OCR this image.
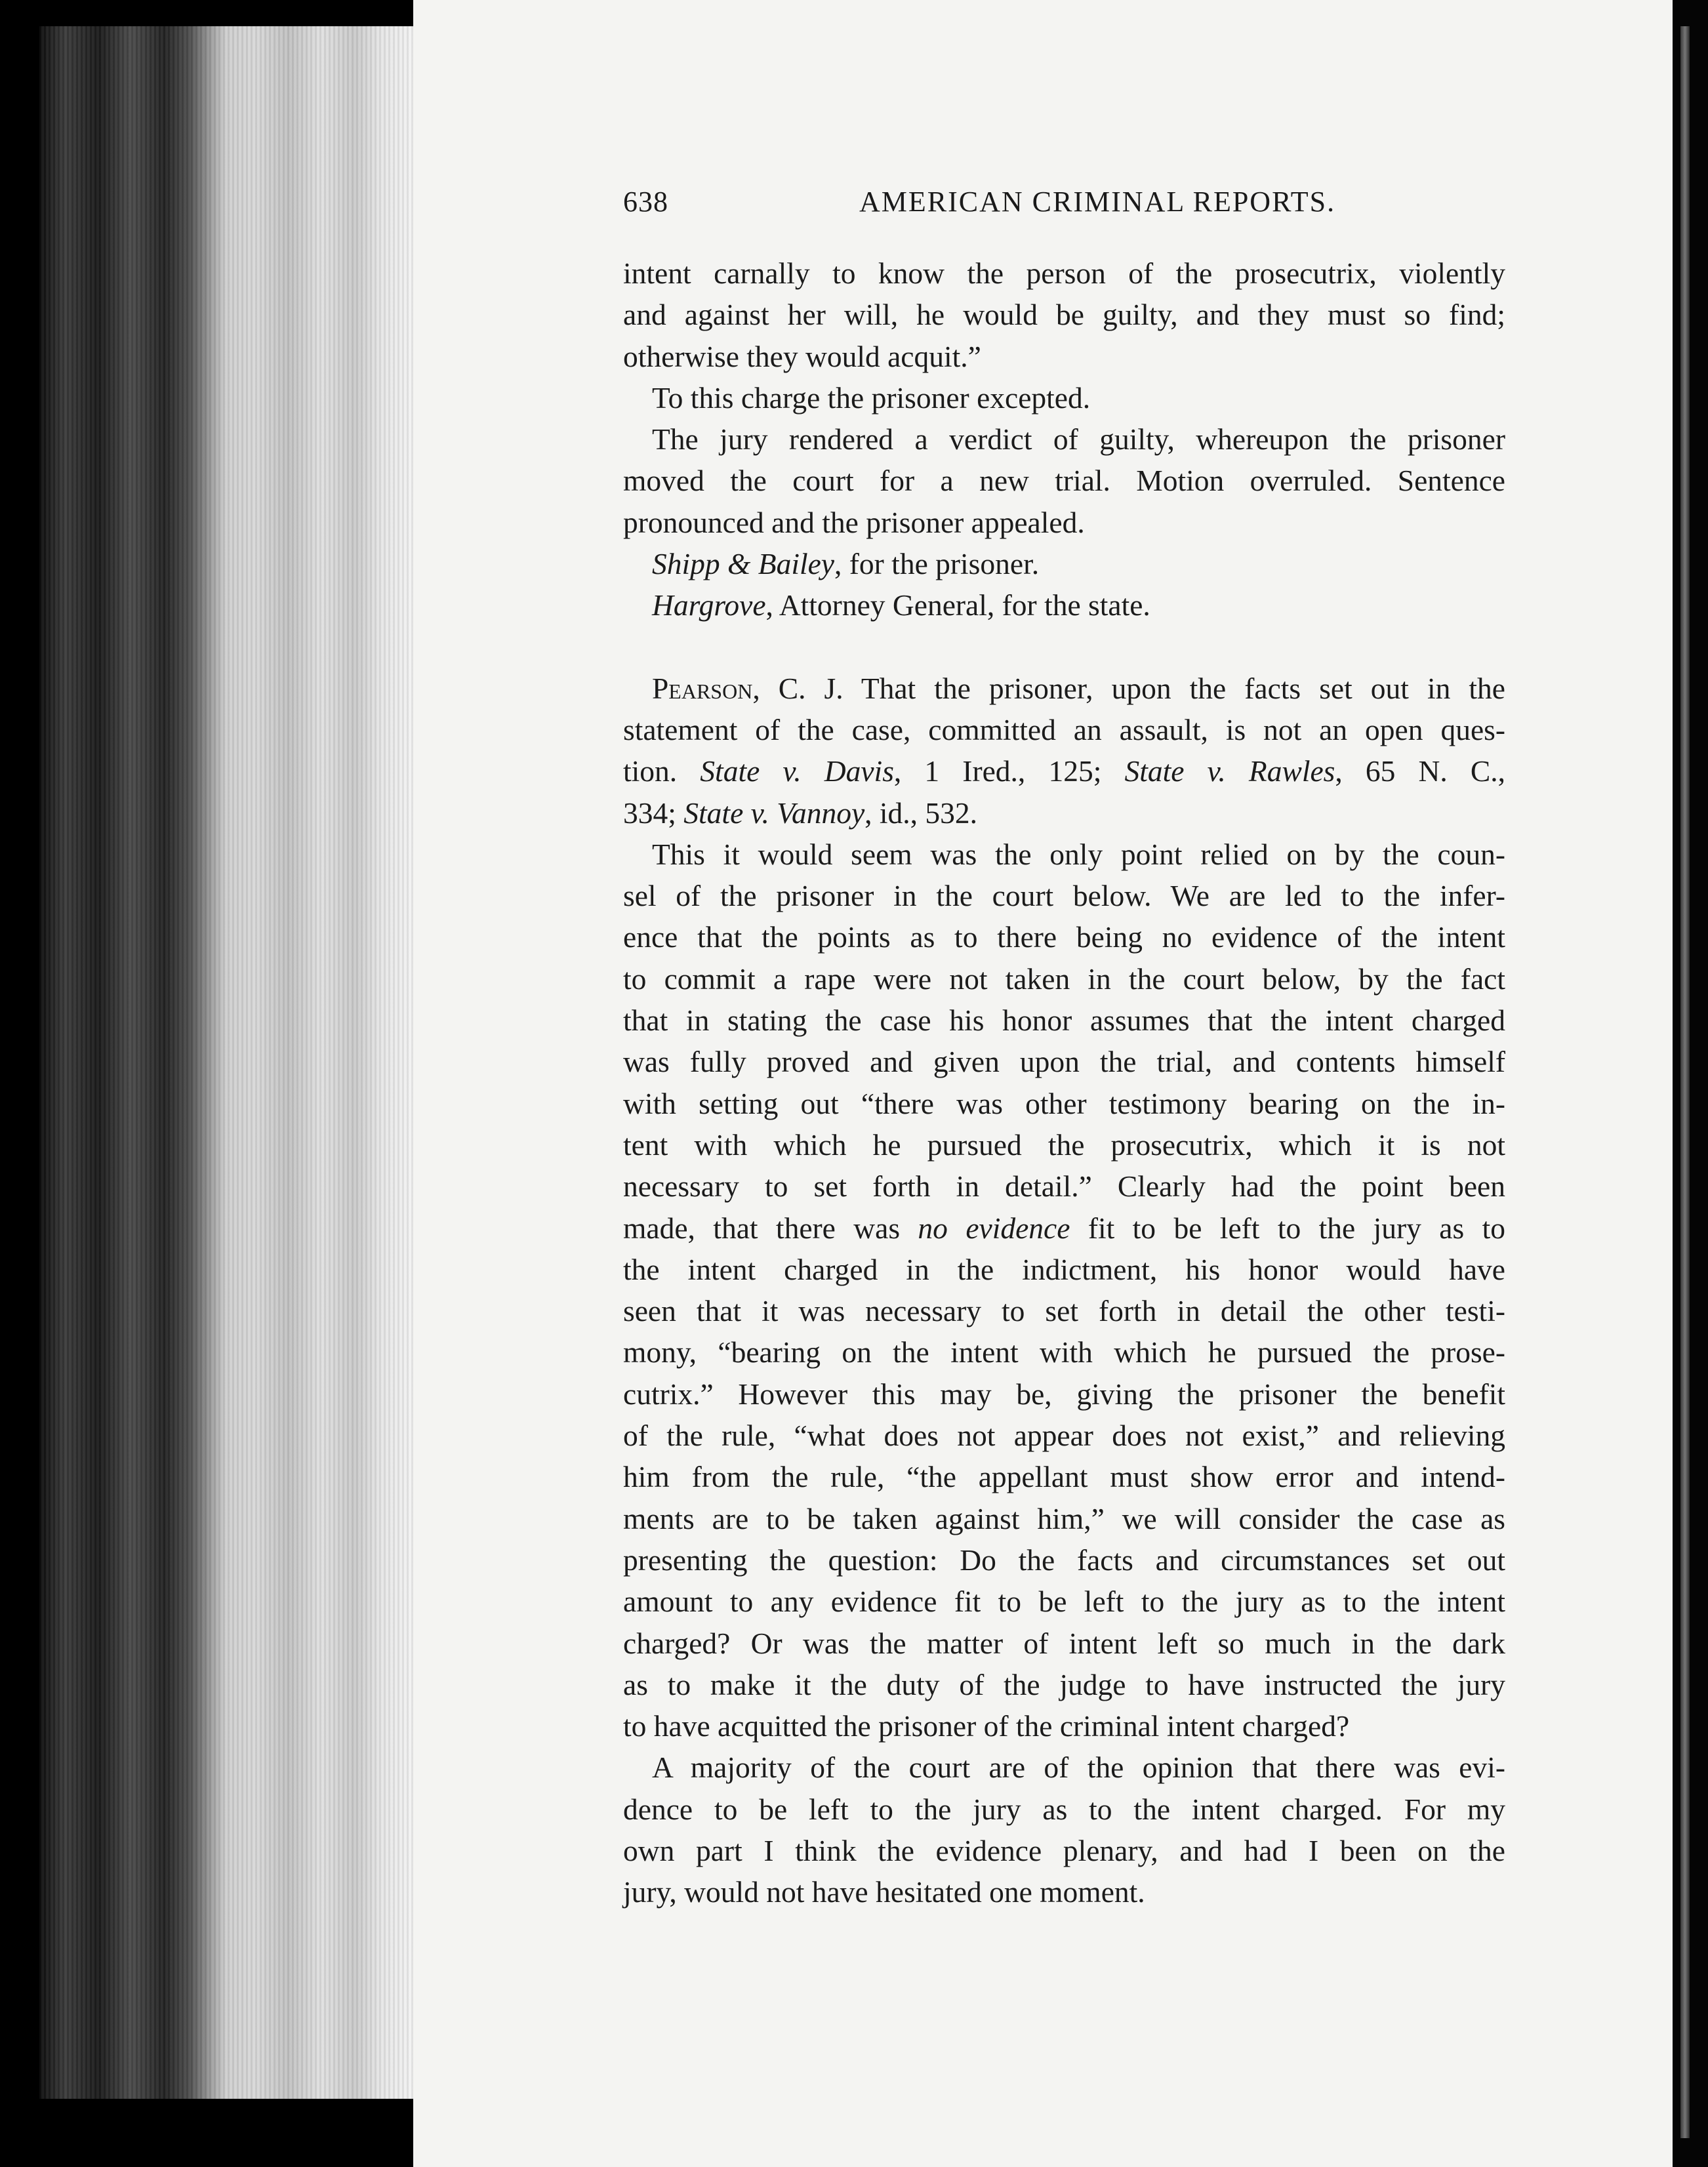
638	AMERICAN CRIMINAL REPORTS.
intent carnally to know the person of the prosecutrix, violently
and against her will, he would be guilty, and they must so find;
otherwise they would acquit.”
To this charge the prisoner excepted.
The jury rendered a verdict of guilty, whereupon the prisoner
moved the court for a new trial. Motion overruled. Sentence
pronounced and the prisoner appealed.
Shipp & Bailey, for the prisoner.
Hargrove, Attorney General, for the state.
Pearson, C. J. That the prisoner, upon the facts set out in the
statement of the case, committed an assault, is not an open ques-
tion. State v. Davis, 1 Ired., 125; State v. Rawles, 65 N. C.,
334; State v. Vannoy, id., 532.
This it would seem was the only point relied on by the coun-
sel of the prisoner in the court below. We are led to the infer-
ence that the points as to there being no evidence of the intent
to commit a rape were not taken in the court below, by the fact
that in stating the case his honor assumes that the intent charged
was fully proved and given upon the trial, and contents himself
with setting out “there was other testimony bearing on the in-
tent with which he pursued the prosecutrix, which it is not
necessary to set forth in detail.” Clearly had the point been
made, that there was no evidence fit to be left to the jury as to
the intent charged in the indictment, his honor would have
seen that it was necessary to set forth in detail the other testi-
mony, “bearing on the intent with which he pursued the prose-
cutrix.” However this may be, giving the prisoner the benefit
of the rule, “what does not appear does not exist,” and relieving
him from the rule, “the appellant must show error and intend-
ments are to be taken against him,” we will consider the case as
presenting the question: Do the facts and circumstances set out
amount to any evidence fit to be left to the jury as to the intent
charged? Or was the matter of intent left so much in the dark
as to make it the duty of the judge to have instructed the jury
to have acquitted the prisoner of the criminal intent charged?
A majority of the court are of the opinion that there was evi-
dence to be left to the jury as to the intent charged. For my
own part I think the evidence plenary, and had I been on the
jury, would not have hesitated one moment.
